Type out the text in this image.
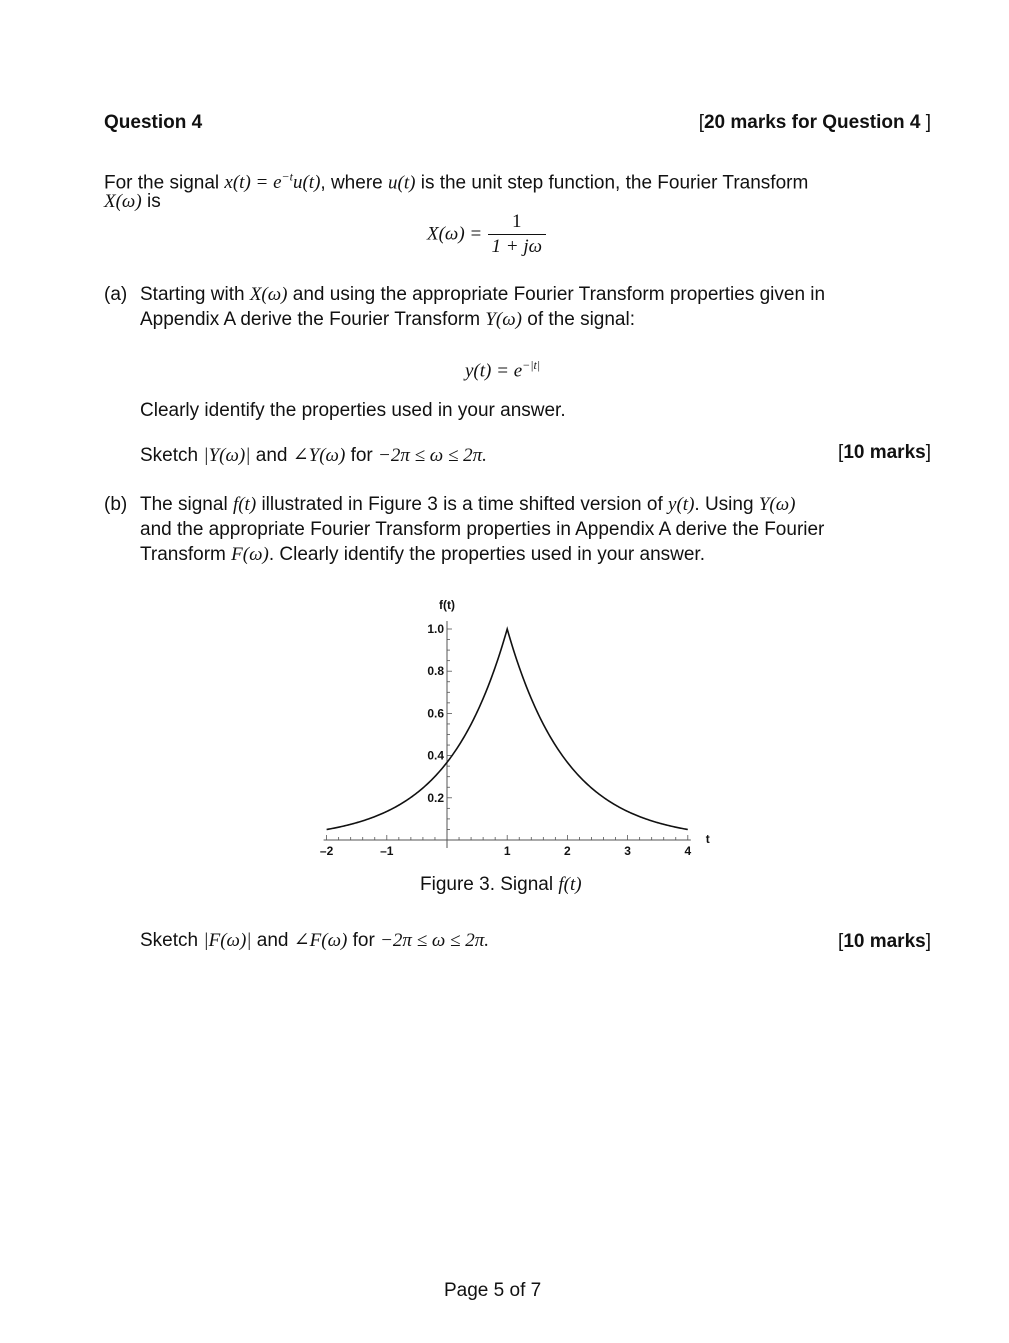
Question 4	[20 marks for Question 4 ]
For the signal $x(t) = e^{-t}u(t)$, where u(t) is the unit step function, the Fourier Transform
X(ω) is
$X(\omega) = \frac{1}{1 + j\omega}$
(a) Starting with X(ω) and using the appropriate Fourier Transform properties given in
Appendix A derive the Fourier Transform Y(ω) of the signal:
$y(t) = e^{-|t|}$
Clearly identify the properties used in your answer.
Sketch |Y(ω)| and ∠Y(ω) for −2π ≤ ω ≤ 2π.	[10 marks]
(b) The signal f(t) illustrated in Figure 3 is a time shifted version of y(t). Using Y(ω)
and the appropriate Fourier Transform properties in Appendix A derive the Fourier
Transform F(ω). Clearly identify the properties used in your answer.
–2	–1	1	2	3	4
0.2
0.4
0.6
0.8
1.0
f(t)
t
Figure 3. Signal f(t)
Sketch |F(ω)| and ∠F(ω) for −2π ≤ ω ≤ 2π.	[10 marks]
Page 5 of 7
